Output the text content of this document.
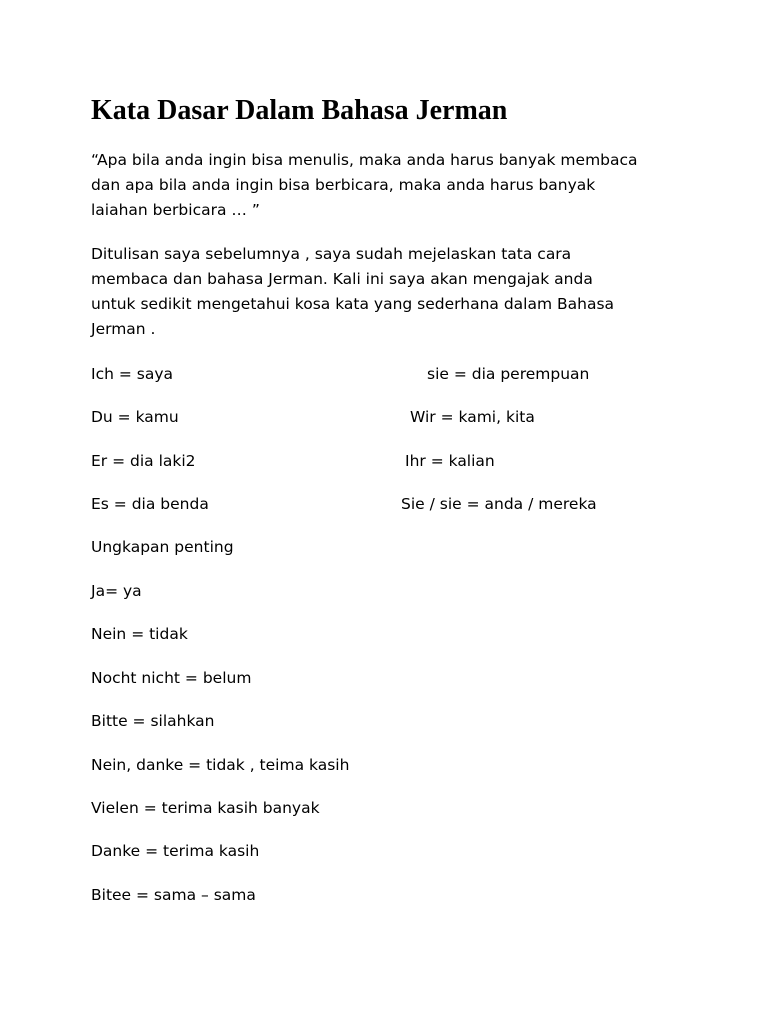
Kata Dasar Dalam Bahasa Jerman

“Apa bila anda ingin bisa menulis, maka anda harus banyak membaca
dan apa bila anda ingin bisa berbicara, maka anda harus banyak
laiahan berbicara … ”

Ditulisan saya sebelumnya , saya sudah mejelaskan tata cara
membaca dan bahasa Jerman. Kali ini saya akan mengajak anda
untuk sedikit mengetahui kosa kata yang sederhana dalam Bahasa
Jerman .

Ich = saya	sie = dia perempuan

Du = kamu	Wir = kami, kita

Er = dia laki2	Ihr = kalian

Es = dia benda	Sie / sie = anda / mereka

Ungkapan penting

Ja= ya
Nein = tidak
Nocht nicht = belum
Bitte = silahkan
Nein, danke = tidak , teima kasih
Vielen = terima kasih banyak
Danke = terima kasih
Bitee = sama – sama
